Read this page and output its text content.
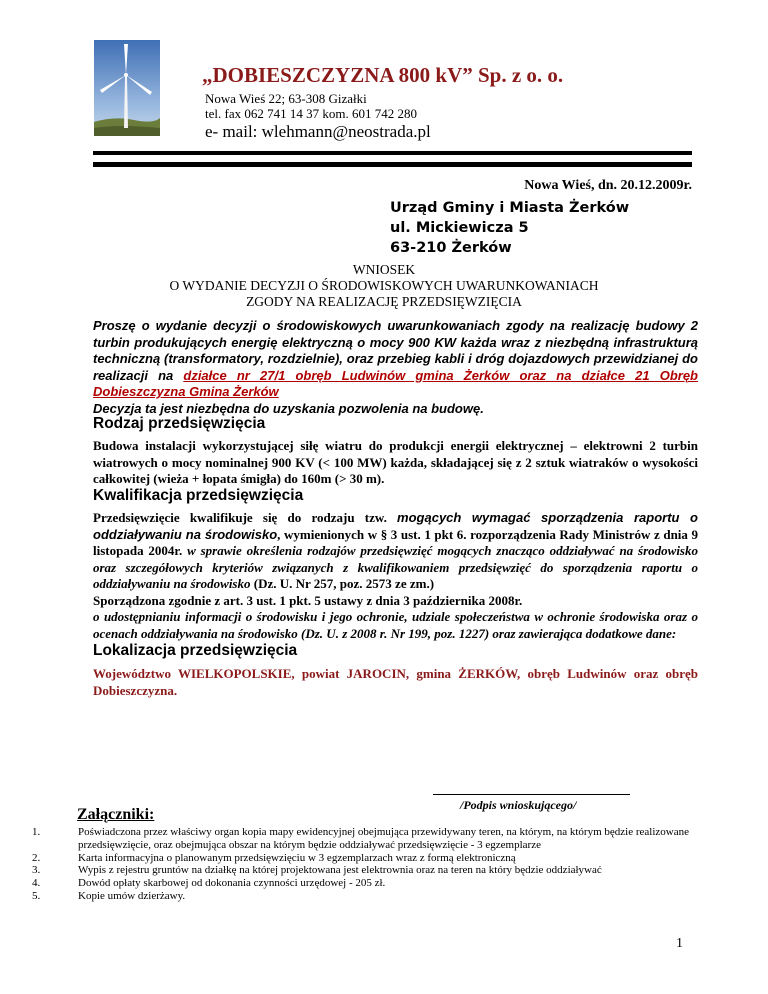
„DOBIESZCZYZNA 800 kV” Sp. z o. o.
Nowa Wieś 22; 63-308 Gizałki
tel. fax 062 741 14 37 kom. 601 742 280
e- mail: wlehmann@neostrada.pl
Nowa Wieś, dn. 20.12.2009r.
Urząd Gminy i Miasta Żerków
ul. Mickiewicza 5
63-210 Żerków
WNIOSEK
O WYDANIE DECYZJI O ŚRODOWISKOWYCH UWARUNKOWANIACH
ZGODY NA REALIZACJĘ PRZEDSIĘWZIĘCIA
Proszę o wydanie decyzji o środowiskowych uwarunkowaniach zgody na realizację budowy 2 turbin produkujących energię elektryczną o mocy 900 KW każda wraz z niezbędną infrastrukturą techniczną (transformatory, rozdzielnie), oraz przebieg kabli i dróg dojazdowych przewidzianej do realizacji na działce nr 27/1 obręb Ludwinów gmina Żerków oraz na działce 21 Obręb Dobieszczyzna Gmina Żerków
Decyzja ta jest niezbędna do uzyskania pozwolenia na budowę.
Rodzaj przedsięwzięcia
Budowa instalacji wykorzystującej siłę wiatru do produkcji energii elektrycznej – elektrowni 2 turbin wiatrowych o mocy nominalnej 900 KV (< 100 MW) każda, składającej się z 2 sztuk wiatraków o wysokości całkowitej (wieża + łopata śmigła) do 160m (> 30 m).
Kwalifikacja przedsięwzięcia
Przedsięwzięcie kwalifikuje się do rodzaju tzw. mogących wymagać sporządzenia raportu o oddziaływaniu na środowisko, wymienionych w § 3 ust. 1 pkt 6. rozporządzenia Rady Ministrów z dnia 9 listopada 2004r. w sprawie określenia rodzajów przedsięwzięć mogących znacząco oddziaływać na środowisko oraz szczegółowych kryteriów związanych z kwalifikowaniem przedsięwzięć do sporządzenia raportu o oddziaływaniu na środowisko (Dz. U. Nr 257, poz. 2573 ze zm.)
Sporządzona zgodnie z art. 3 ust. 1 pkt. 5 ustawy z dnia 3 października 2008r.
o udostępnianiu informacji o środowisku i jego ochronie, udziale społeczeństwa w ochronie środowiska oraz o ocenach oddziaływania na środowisko (Dz. U. z 2008 r. Nr 199, poz. 1227) oraz zawierająca dodatkowe dane:
Lokalizacja przedsięwzięcia
Województwo WIELKOPOLSKIE, powiat JAROCIN, gmina ŻERKÓW, obręb Ludwinów oraz obręb Dobieszczyzna.
/Podpis wnioskującego/
Załączniki:
1.	Poświadczona przez właściwy organ kopia mapy ewidencyjnej obejmująca przewidywany teren, na którym, na którym będzie realizowane przedsięwzięcie, oraz obejmująca obszar na którym będzie oddziaływać przedsięwzięcie - 3 egzemplarze
2.	Karta informacyjna o planowanym przedsięwzięciu w 3 egzemplarzach wraz z formą elektroniczną
3.	Wypis z rejestru gruntów na działkę na której projektowana jest elektrownia oraz na teren na który będzie oddziaływać
4.	Dowód opłaty skarbowej od dokonania czynności urzędowej - 205 zł.
5.	Kopie umów dzierżawy.
1
